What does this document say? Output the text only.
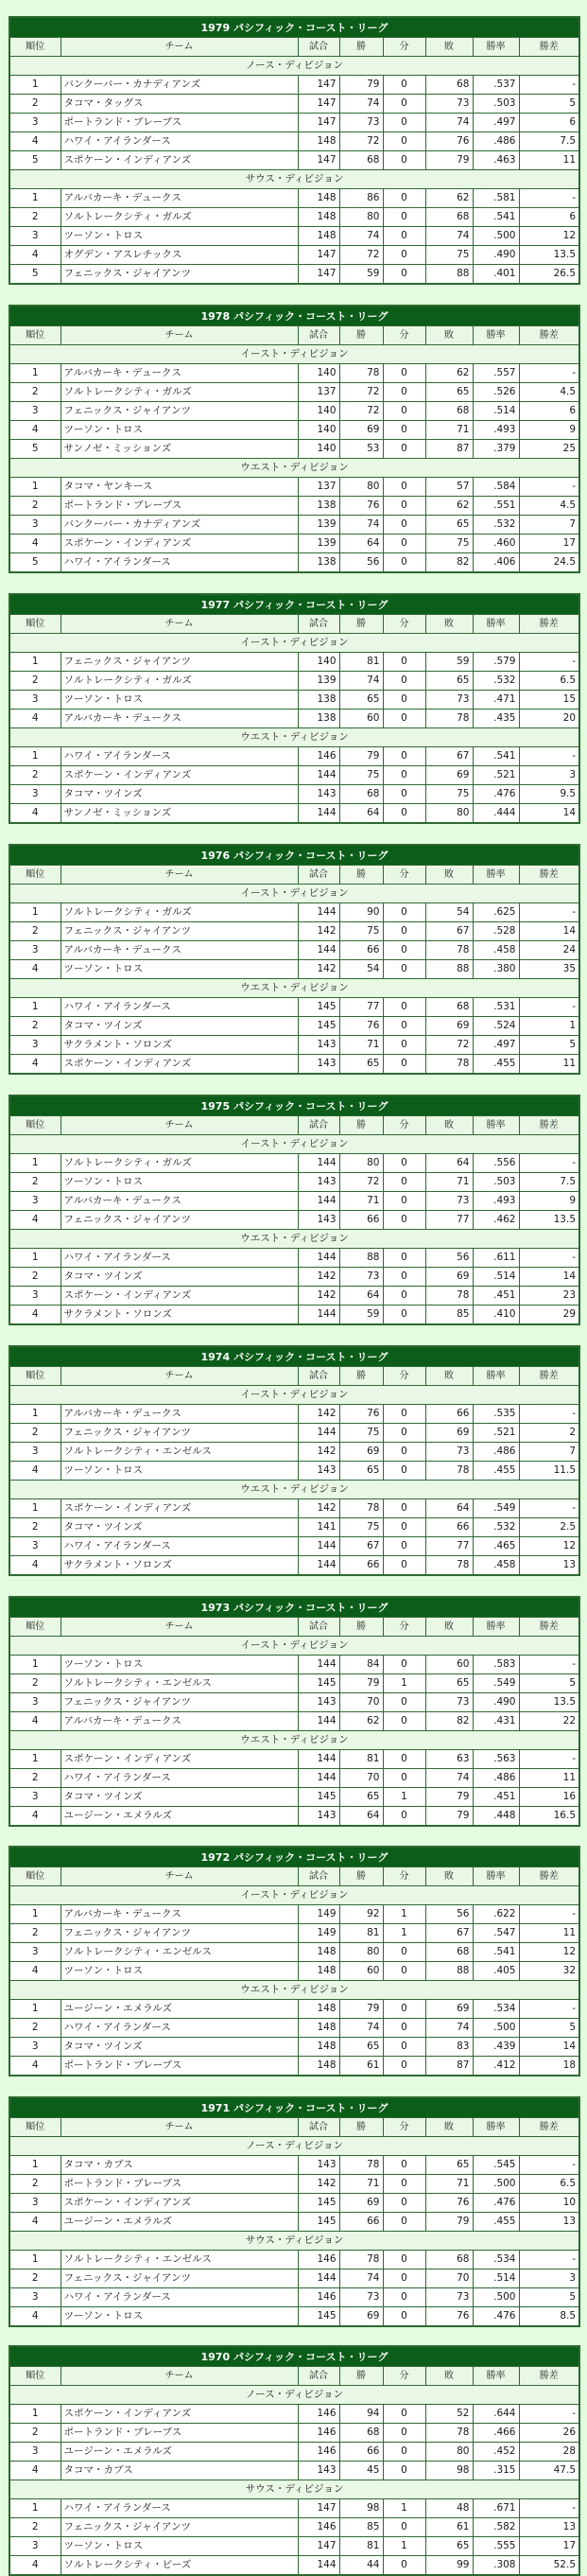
1979 パシフィック・コースト・リーグ							
順位	チーム	試合	勝	分	敗	勝率	勝差
ノース・ディビジョン							
1	バンクーバー・カナディアンズ	147	79	0	68	.537	-
2	タコマ・タッグス	147	74	0	73	.503	5
3	ポートランド・ブレーブス	147	73	0	74	.497	6
4	ハワイ・アイランダース	148	72	0	76	.486	7.5
5	スポケーン・インディアンズ	147	68	0	79	.463	11
サウス・ディビジョン							
1	アルバカーキ・デュークス	148	86	0	62	.581	-
2	ソルトレークシティ・ガルズ	148	80	0	68	.541	6
3	ツーソン・トロス	148	74	0	74	.500	12
4	オグデン・アスレチックス	147	72	0	75	.490	13.5
5	フェニックス・ジャイアンツ	147	59	0	88	.401	26.5
1978 パシフィック・コースト・リーグ							
順位	チーム	試合	勝	分	敗	勝率	勝差
イースト・ディビジョン							
1	アルバカーキ・デュークス	140	78	0	62	.557	-
2	ソルトレークシティ・ガルズ	137	72	0	65	.526	4.5
3	フェニックス・ジャイアンツ	140	72	0	68	.514	6
4	ツーソン・トロス	140	69	0	71	.493	9
5	サンノゼ・ミッションズ	140	53	0	87	.379	25
ウエスト・ディビジョン							
1	タコマ・ヤンキース	137	80	0	57	.584	-
2	ポートランド・ブレーブス	138	76	0	62	.551	4.5
3	バンクーバー・カナディアンズ	139	74	0	65	.532	7
4	スポケーン・インディアンズ	139	64	0	75	.460	17
5	ハワイ・アイランダース	138	56	0	82	.406	24.5
1977 パシフィック・コースト・リーグ							
順位	チーム	試合	勝	分	敗	勝率	勝差
イースト・ディビジョン							
1	フェニックス・ジャイアンツ	140	81	0	59	.579	-
2	ソルトレークシティ・ガルズ	139	74	0	65	.532	6.5
3	ツーソン・トロス	138	65	0	73	.471	15
4	アルバカーキ・デュークス	138	60	0	78	.435	20
ウエスト・ディビジョン							
1	ハワイ・アイランダース	146	79	0	67	.541	-
2	スポケーン・インディアンズ	144	75	0	69	.521	3
3	タコマ・ツインズ	143	68	0	75	.476	9.5
4	サンノゼ・ミッションズ	144	64	0	80	.444	14
1976 パシフィック・コースト・リーグ							
順位	チーム	試合	勝	分	敗	勝率	勝差
イースト・ディビジョン							
1	ソルトレークシティ・ガルズ	144	90	0	54	.625	-
2	フェニックス・ジャイアンツ	142	75	0	67	.528	14
3	アルバカーキ・デュークス	144	66	0	78	.458	24
4	ツーソン・トロス	142	54	0	88	.380	35
ウエスト・ディビジョン							
1	ハワイ・アイランダース	145	77	0	68	.531	-
2	タコマ・ツインズ	145	76	0	69	.524	1
3	サクラメント・ソロンズ	143	71	0	72	.497	5
4	スポケーン・インディアンズ	143	65	0	78	.455	11
1975 パシフィック・コースト・リーグ							
順位	チーム	試合	勝	分	敗	勝率	勝差
イースト・ディビジョン							
1	ソルトレークシティ・ガルズ	144	80	0	64	.556	-
2	ツーソン・トロス	143	72	0	71	.503	7.5
3	アルバカーキ・デュークス	144	71	0	73	.493	9
4	フェニックス・ジャイアンツ	143	66	0	77	.462	13.5
ウエスト・ディビジョン							
1	ハワイ・アイランダース	144	88	0	56	.611	-
2	タコマ・ツインズ	142	73	0	69	.514	14
3	スポケーン・インディアンズ	142	64	0	78	.451	23
4	サクラメント・ソロンズ	144	59	0	85	.410	29
1974 パシフィック・コースト・リーグ							
順位	チーム	試合	勝	分	敗	勝率	勝差
イースト・ディビジョン							
1	アルバカーキ・デュークス	142	76	0	66	.535	-
2	フェニックス・ジャイアンツ	144	75	0	69	.521	2
3	ソルトレークシティ・エンゼルス	142	69	0	73	.486	7
4	ツーソン・トロス	143	65	0	78	.455	11.5
ウエスト・ディビジョン							
1	スポケーン・インディアンズ	142	78	0	64	.549	-
2	タコマ・ツインズ	141	75	0	66	.532	2.5
3	ハワイ・アイランダース	144	67	0	77	.465	12
4	サクラメント・ソロンズ	144	66	0	78	.458	13
1973 パシフィック・コースト・リーグ							
順位	チーム	試合	勝	分	敗	勝率	勝差
イースト・ディビジョン							
1	ツーソン・トロス	144	84	0	60	.583	-
2	ソルトレークシティ・エンゼルス	145	79	1	65	.549	5
3	フェニックス・ジャイアンツ	143	70	0	73	.490	13.5
4	アルバカーキ・デュークス	144	62	0	82	.431	22
ウエスト・ディビジョン							
1	スポケーン・インディアンズ	144	81	0	63	.563	-
2	ハワイ・アイランダース	144	70	0	74	.486	11
3	タコマ・ツインズ	145	65	1	79	.451	16
4	ユージーン・エメラルズ	143	64	0	79	.448	16.5
1972 パシフィック・コースト・リーグ							
順位	チーム	試合	勝	分	敗	勝率	勝差
イースト・ディビジョン							
1	アルバカーキ・デュークス	149	92	1	56	.622	-
2	フェニックス・ジャイアンツ	149	81	1	67	.547	11
3	ソルトレークシティ・エンゼルス	148	80	0	68	.541	12
4	ツーソン・トロス	148	60	0	88	.405	32
ウエスト・ディビジョン							
1	ユージーン・エメラルズ	148	79	0	69	.534	-
2	ハワイ・アイランダース	148	74	0	74	.500	5
3	タコマ・ツインズ	148	65	0	83	.439	14
4	ポートランド・ブレーブス	148	61	0	87	.412	18
1971 パシフィック・コースト・リーグ							
順位	チーム	試合	勝	分	敗	勝率	勝差
ノース・ディビジョン							
1	タコマ・カブス	143	78	0	65	.545	-
2	ポートランド・ブレーブス	142	71	0	71	.500	6.5
3	スポケーン・インディアンズ	145	69	0	76	.476	10
4	ユージーン・エメラルズ	145	66	0	79	.455	13
サウス・ディビジョン							
1	ソルトレークシティ・エンゼルス	146	78	0	68	.534	-
2	フェニックス・ジャイアンツ	144	74	0	70	.514	3
3	ハワイ・アイランダース	146	73	0	73	.500	5
4	ツーソン・トロス	145	69	0	76	.476	8.5
1970 パシフィック・コースト・リーグ							
順位	チーム	試合	勝	分	敗	勝率	勝差
ノース・ディビジョン							
1	スポケーン・インディアンズ	146	94	0	52	.644	-
2	ポートランド・ブレーブス	146	68	0	78	.466	26
3	ユージーン・エメラルズ	146	66	0	80	.452	28
4	タコマ・カブス	143	45	0	98	.315	47.5
サウス・ディビジョン							
1	ハワイ・アイランダース	147	98	1	48	.671	-
2	フェニックス・ジャイアンツ	146	85	0	61	.582	13
3	ツーソン・トロス	147	81	1	65	.555	17
4	ソルトレークシティ・ビーズ	144	44	0	99	.308	52.5
